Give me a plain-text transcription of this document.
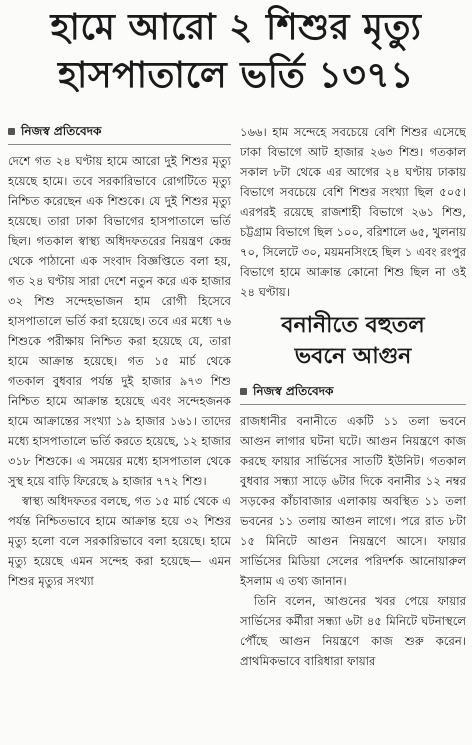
হামে আরো ২ শিশুর মৃত্যু
হাসপাতালে ভর্তি ১৩৭১
নিজস্ব প্রতিবেদক

দেশে গত ২৪ ঘণ্টায় হামে আরো দুই শিশুর মৃত্যু হয়েছে হামে। তবে সরকারিভাবে রোগটিতে মৃত্যু নিশ্চিত করেছেন এক শিশুকে। যে দুই শিশুর মৃত্যু হয়েছে। তারা ঢাকা বিভাগের হাসপাতালে ভর্তি ছিল। গতকাল স্বাস্থ্য অধিদফতরের নিয়ন্ত্রণ কেন্দ্র থেকে পাঠানো এক সংবাদ বিজ্ঞপ্তিতে বলা হয়, গত ২৪ ঘণ্টায় সারা দেশে নতুন করে এক হাজার ৩২ শিশু সন্দেহভাজন হাম রোগী হিসেবে হাসপাতালে ভর্তি করা হয়েছে। তবে এর মধ্যে ৭৬ শিশুকে পরীক্ষায় নিশ্চিত করা হয়েছে যে, তারা হামে আক্রান্ত হয়েছে। গত ১৫ মার্চ থেকে গতকাল বুধবার পর্যন্ত দুই হাজার ৯৭৩ শিশু নিশ্চিত হামে আক্রান্ত হয়েছে এবং সন্দেহজনক হামে আক্রান্তের সংখ্যা ১৯ হাজার ১৬১। তাদের মধ্যে হাসপাতালে ভর্তি করতে হয়েছে, ১২ হাজার ৩১৮ শিশুকে। এ সময়ের মধ্যে হাসপাতাল থেকে সুস্থ হয়ে বাড়ি ফিরেছে ৯ হাজার ৭৭২ শিশু।

স্বাস্থ্য অধিদফতর বলছে, গত ১৫ মার্চ থেকে এ পর্যন্ত নিশ্চিতভাবে হামে আক্রান্ত হয়ে ৩২ শিশুর মৃত্যু হলো বলে সরকারিভাবে বলা হয়েছে। হামে মৃত্যু হয়েছে এমন সন্দেহ করা হয়েছে— এমন শিশুর মৃত্যুর সংখ্যা

১৬৬। হাম সন্দেহে সবচেয়ে বেশি শিশুর এসেছে ঢাকা বিভাগে আট হাজার ২৬৩ শিশু। গতকাল সকাল ৮টা থেকে এর আগের ২৪ ঘণ্টায় ঢাকায় বিভাগে সবচেয়ে বেশি শিশুর সংখ্যা ছিল ৫০৫। এরপরই রয়েছে রাজশাহী বিভাগে ২৬১ শিশু, চট্টগ্রাম বিভাগে ছিল ১০০, বরিশালে ৬৫, খুলনায় ৭০, সিলেটে ৩০, ময়মনসিংহে ছিল ১ এবং রংপুর বিভাগে হামে আক্রান্ত কোনো শিশু ছিল না ওই ২৪ ঘণ্টায়।

বনানীতে বহুতল
ভবনে আগুন
নিজস্ব প্রতিবেদক

রাজধানীর বনানীতে একটি ১১ তলা ভবনে আগুন লাগার ঘটনা ঘটে। আগুন নিয়ন্ত্রণে কাজ করছে ফায়ার সার্ভিসের সাতটি ইউনিট। গতকাল বুধবার সন্ধ্যা সাড়ে ৬টার দিকে বনানীর ১২ নম্বর সড়কের কাঁচাবাজার এলাকায় অবস্থিত ১১ তলা ভবনের ১১ তলায় আগুন লাগে। পরে রাত ৮টা ১৫ মিনিটে আগুন নিয়ন্ত্রণে আসে। ফায়ার সার্ভিসের মিডিয়া সেলের পরিদর্শক আনোয়ারুল ইসলাম এ তথ্য জানান।

তিনি বলেন, আগুনের খবর পেয়ে ফায়ার সার্ভিসের কর্মীরা সন্ধ্যা ৬টা ৪৫ মিনিটে ঘটনাস্থলে পৌঁছে আগুন নিয়ন্ত্রণে কাজ শুরু করেন। প্রাথমিকভাবে বারিধারা ফায়ার
